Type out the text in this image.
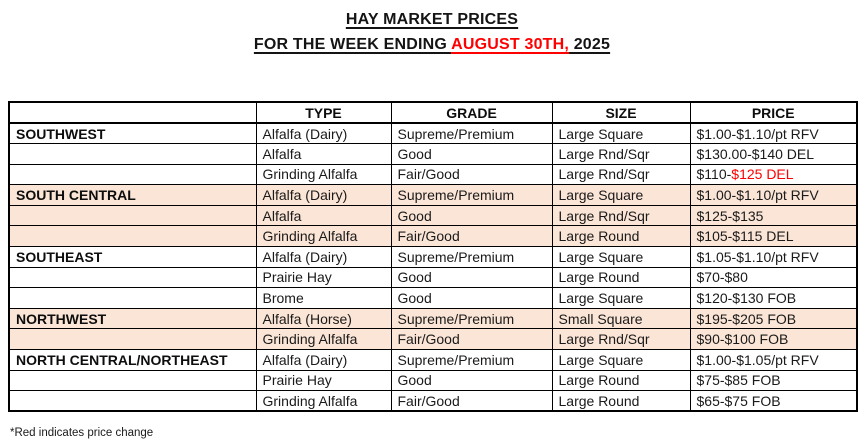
HAY MARKET PRICES
FOR THE WEEK ENDING AUGUST 30TH, 2025
	TYPE	GRADE	SIZE	PRICE
SOUTHWEST	Alfalfa (Dairy)	Supreme/Premium	Large Square	$1.00-$1.10/pt RFV
	Alfalfa	Good	Large Rnd/Sqr	$130.00-$140 DEL
	Grinding Alfalfa	Fair/Good	Large Rnd/Sqr	$110-$125 DEL
SOUTH CENTRAL	Alfalfa (Dairy)	Supreme/Premium	Large Square	$1.00-$1.10/pt RFV
	Alfalfa	Good	Large Rnd/Sqr	$125-$135
	Grinding Alfalfa	Fair/Good	Large Round	$105-$115 DEL
SOUTHEAST	Alfalfa (Dairy)	Supreme/Premium	Large Square	$1.05-$1.10/pt RFV
	Prairie Hay	Good	Large Round	$70-$80
	Brome	Good	Large Square	$120-$130 FOB
NORTHWEST	Alfalfa (Horse)	Supreme/Premium	Small Square	$195-$205 FOB
	Grinding Alfalfa	Fair/Good	Large Rnd/Sqr	$90-$100 FOB
NORTH CENTRAL/NORTHEAST	Alfalfa (Dairy)	Supreme/Premium	Large Square	$1.00-$1.05/pt RFV
	Prairie Hay	Good	Large Round	$75-$85 FOB
	Grinding Alfalfa	Fair/Good	Large Round	$65-$75 FOB
*Red indicates price change
